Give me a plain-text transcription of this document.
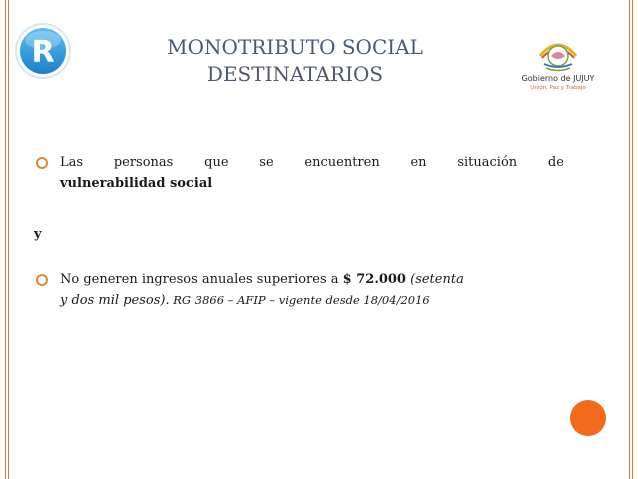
R
Gobierno de JUJUY
Unión, Paz y Trabajo
MONOTRIBUTO SOCIAL
DESTINATARIOS
Las personas que se encuentren en situación de
vulnerabilidad social
y
No generen ingresos anuales superiores a $ 72.000 (setenta
y dos mil pesos). RG 3866 – AFIP – vigente desde 18/04/2016
